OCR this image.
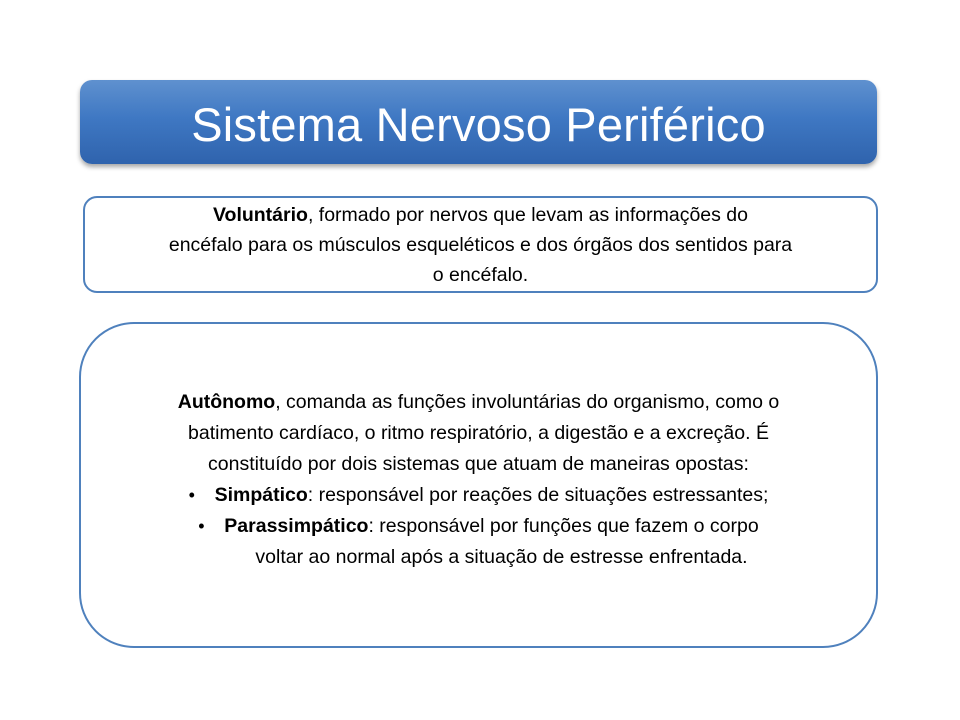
Sistema Nervoso Periférico

Voluntário, formado por nervos que levam as informações do
encéfalo para os músculos esqueléticos e dos órgãos dos sentidos para
o encéfalo.

Autônomo, comanda as funções involuntárias do organismo, como o
batimento cardíaco, o ritmo respiratório, a digestão e a excreção. É
constituído por dois sistemas que atuam de maneiras opostas:

• Simpático: responsável por reações de situações estressantes;

• Parassimpático: responsável por funções que fazem o corpo
voltar ao normal após a situação de estresse enfrentada.
